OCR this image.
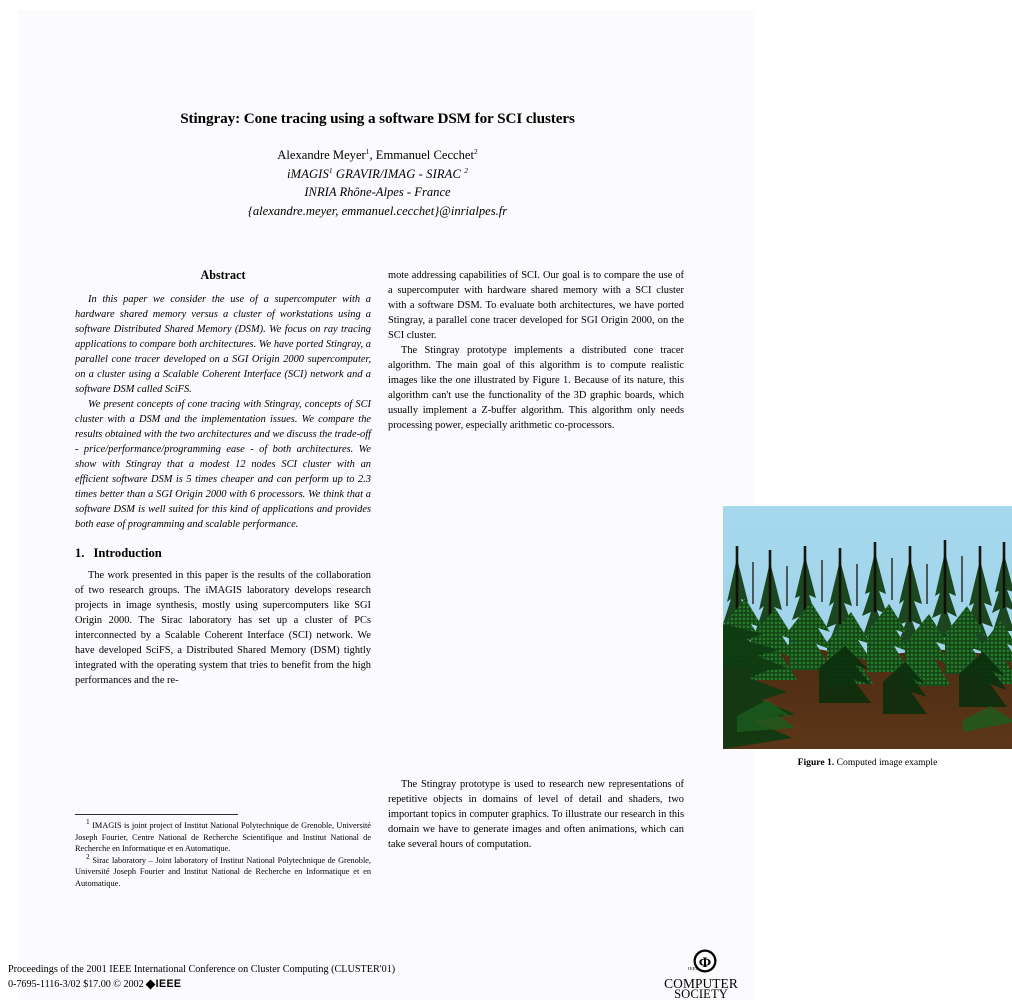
Stingray: Cone tracing using a software DSM for SCI clusters
Alexandre Meyer$^1$, Emmanuel Cecchet$^2$
iMAGIS$^1$ GRAVIR/IMAG - SIRAC $^2$
INRIA Rhône-Alpes - France
{alexandre.meyer, emmanuel.cecchet}@inrialpes.fr
Abstract

In this paper we consider the use of a supercomputer with a hardware shared memory versus a cluster of workstations using a software Distributed Shared Memory (DSM). We focus on ray tracing applications to compare both architectures. We have ported Stingray, a parallel cone tracer developed on a SGI Origin 2000 supercomputer, on a cluster using a Scalable Coherent Interface (SCI) network and a software DSM called SciFS.

We present concepts of cone tracing with Stingray, concepts of SCI cluster with a DSM and the implementation issues. We compare the results obtained with the two architectures and we discuss the trade-off - price/performance/programming ease - of both architectures. We show with Stingray that a modest 12 nodes SCI cluster with an efficient software DSM is 5 times cheaper and can perform up to 2.3 times better than a SGI Origin 2000 with 6 processors. We think that a software DSM is well suited for this kind of applications and provides both ease of programming and scalable performance.

1. Introduction

The work presented in this paper is the results of the collaboration of two research groups. The iMAGIS laboratory develops research projects in image synthesis, mostly using supercomputers like SGI Origin 2000. The Sirac laboratory has set up a cluster of PCs interconnected by a Scalable Coherent Interface (SCI) network. We have developed SciFS, a Distributed Shared Memory (DSM) tightly integrated with the operating system that tries to benefit from the high performances and the re-

$^1$ IMAGIS is joint project of Institut National Polytechnique de Grenoble, Université Joseph Fourier, Centre National de Recherche Scientifique and Institut National de Recherche en Informatique et en Automatique.

$^2$ Sirac laboratory – Joint laboratory of Institut National Polytechnique de Grenoble, Université Joseph Fourier and Institut National de Recherche en Informatique et en Automatique.

mote addressing capabilities of SCI. Our goal is to compare the use of a supercomputer with hardware shared memory with a SCI cluster with a software DSM. To evaluate both architectures, we have ported Stingray, a parallel cone tracer developed for SGI Origin 2000, on the SCI cluster.

The Stingray prototype implements a distributed cone tracer algorithm. The main goal of this algorithm is to compute realistic images like the one illustrated by Figure 1. Because of its nature, this algorithm can't use the functionality of the 3D graphic boards, which usually implement a Z-buffer algorithm. This algorithm only needs processing power, especially arithmetic co-processors.

Figure 1. Computed image example

The Stingray prototype is used to research new representations of repetitive objects in domains of level of detail and shaders, two important topics in computer graphics. To illustrate our research in this domain we have to generate images and often animations, which can take several hours of computation.

Proceedings of the 2001 IEEE International Conference on Cluster Computing (CLUSTER'01)
0-7695-1116-3/02 $17.00 © 2002 IEEE
Φ
IEEE
COMPUTER
SOCIETY
